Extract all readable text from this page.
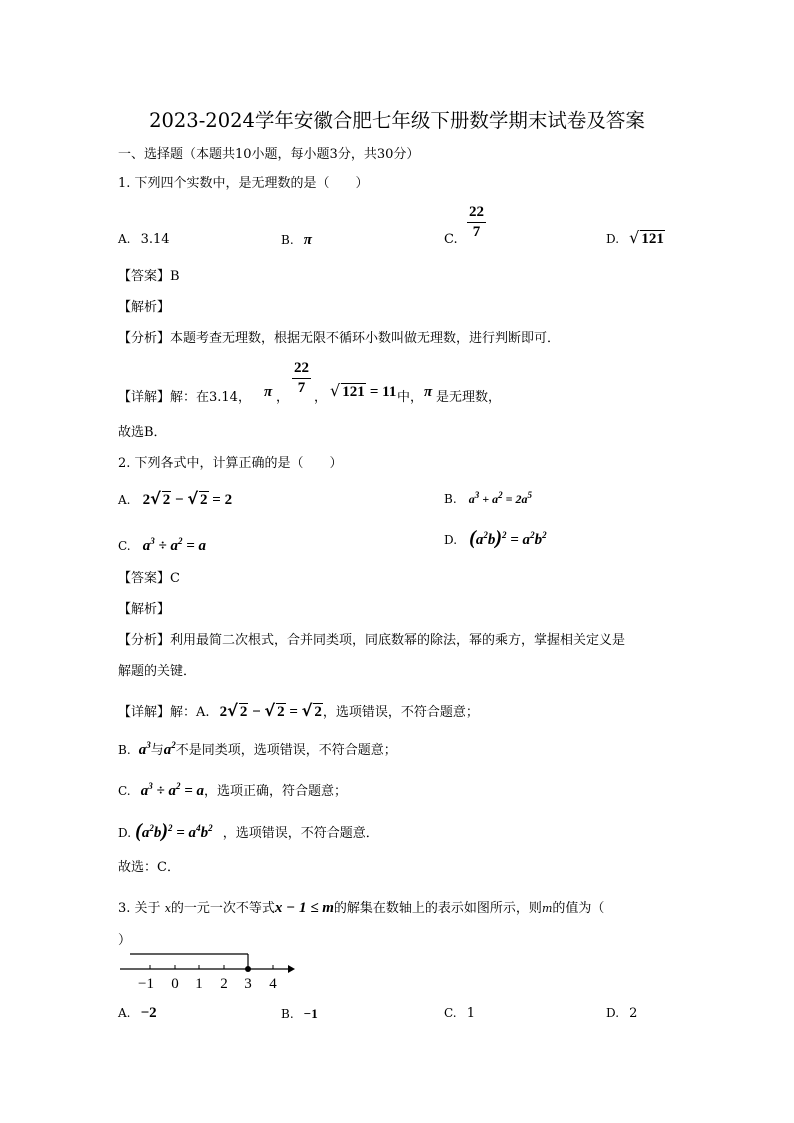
2023-2024学年安徽合肥七年级下册数学期末试卷及答案
一、选择题（本题共10小题，每小题3分，共30分）
1. 下列四个实数中，是无理数的是（　　）
A. 3.14	B. π	C. $\frac{22}{7}$	D. √ 121
【答案】B
【解析】
【分析】本题考查无理数，根据无限不循环小数叫做无理数，进行判断即可．
【详解】解：在3.14， π ， $\frac{22}{7}$ ， √ 121 = 11 中， π 是无理数，
故选B．
2. 下列各式中，计算正确的是（　　）
A. 2√ 2 − √ 2 = 2	B. $a^3 + a^2 = 2a^5$
C. $a^3 \div a^2 = a$	D. $(a^2b)^2 = a^2b^2$
【答案】C
【解析】
【分析】利用最简二次根式，合并同类项，同底数幂的除法，幂的乘方，掌握相关定义是
解题的关键．
【详解】解：A. 2√ 2 − √ 2 = √ 2，选项错误，不符合题意；
B. $a^3$与$a^2$不是同类项，选项错误，不符合题意；
C. $a^3 \div a^2 = a$，选项正确，符合题意；
D. $(a^2b)^2 = a^4b^2$ ，选项错误，不符合题意．
故选：C．
3. 关于 x的一元一次不等式x − 1 ≤ m的解集在数轴上的表示如图所示，则m的值为（
）
−1 0 1 2 3 4
A. −2	B. −1	C. 1	D. 2
